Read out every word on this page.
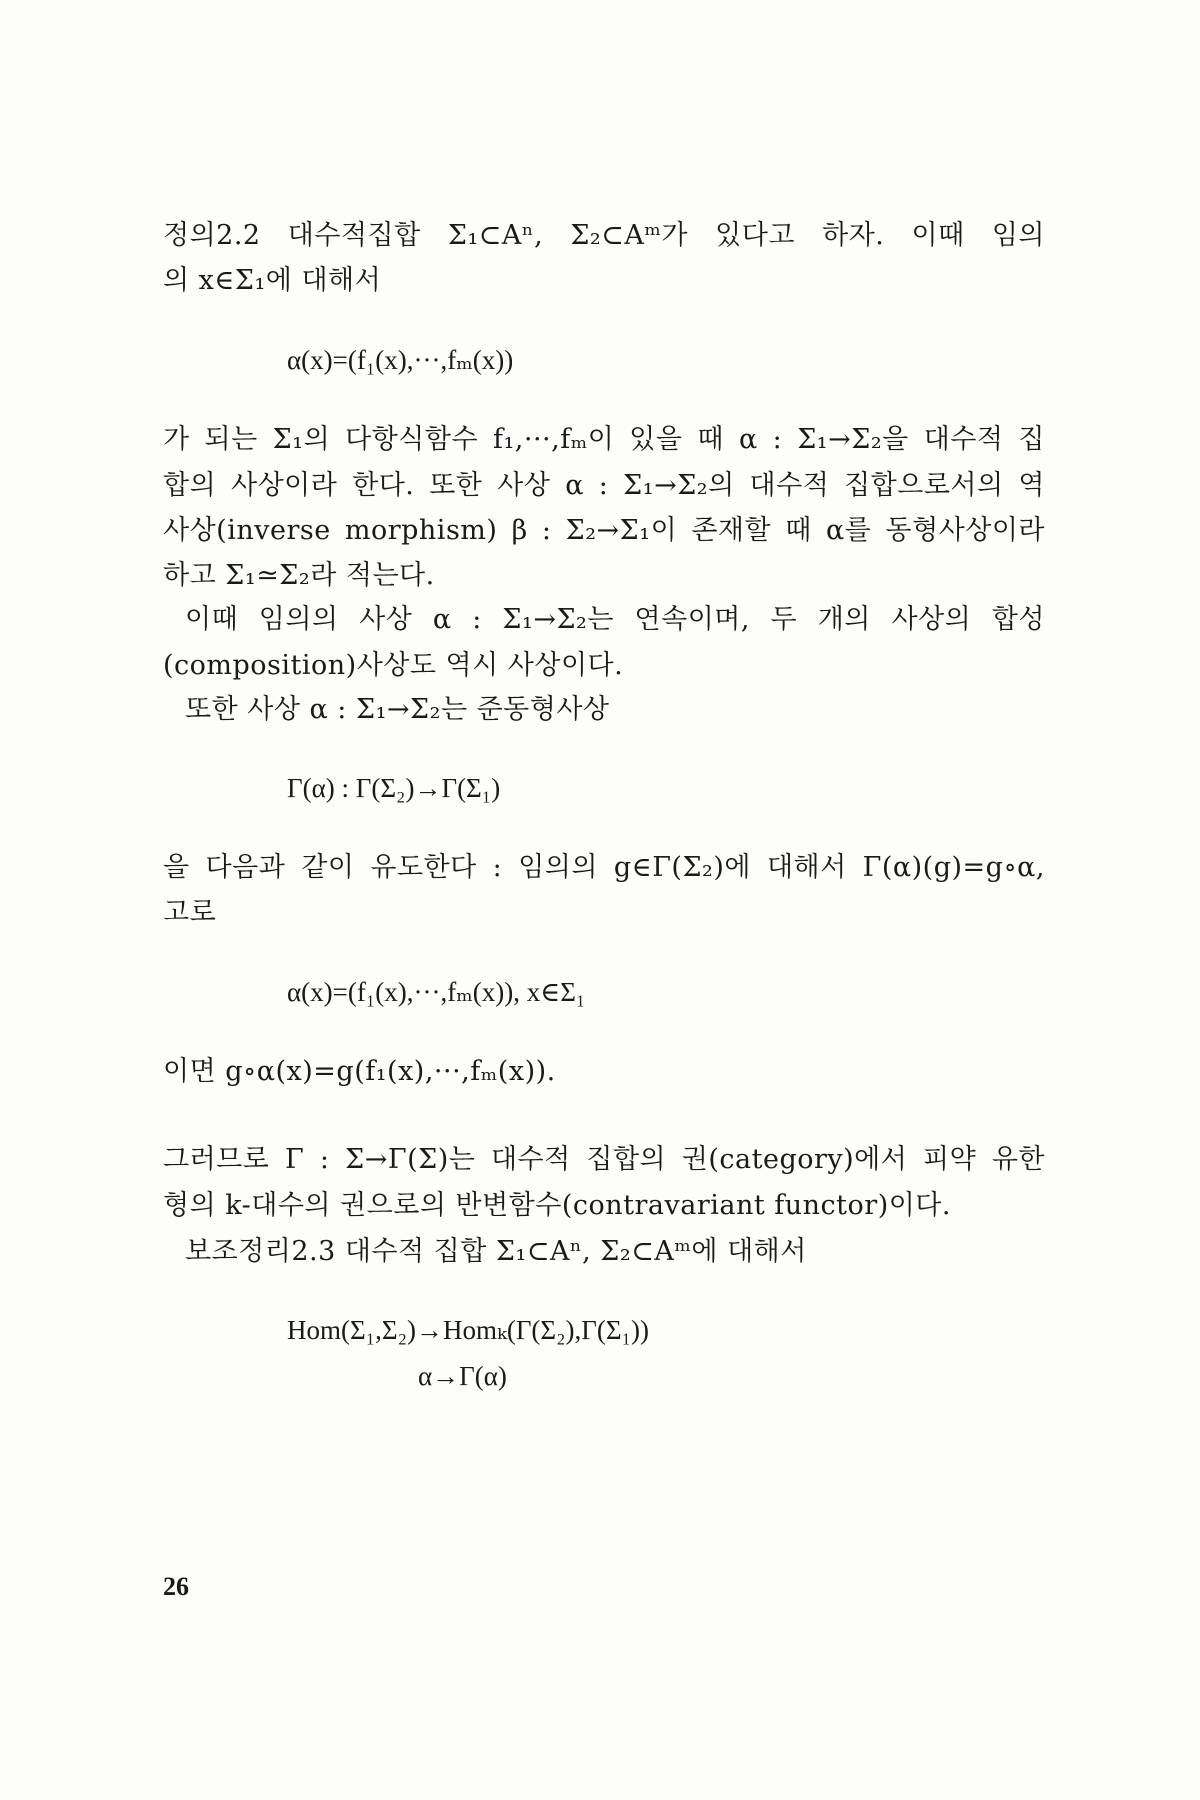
정의2.2 대수적집합 Σ₁⊂Aⁿ, Σ₂⊂Aᵐ가 있다고 하자. 이때 임의
의 x∈Σ₁에 대해서
α(x)=(f₁(x),···,fₘ(x))
가 되는 Σ₁의 다항식함수 f₁,···,fₘ이 있을 때 α : Σ₁→Σ₂을 대수적 집
합의 사상이라 한다. 또한 사상 α : Σ₁→Σ₂의 대수적 집합으로서의 역
사상(inverse morphism) β : Σ₂→Σ₁이 존재할 때 α를 동형사상이라
하고 Σ₁≃Σ₂라 적는다.
이때 임의의 사상 α : Σ₁→Σ₂는 연속이며, 두 개의 사상의 합성
(composition)사상도 역시 사상이다.
또한 사상 α : Σ₁→Σ₂는 준동형사상
Γ(α) : Γ(Σ₂)→Γ(Σ₁)
을 다음과 같이 유도한다 : 임의의 g∈Γ(Σ₂)에 대해서 Γ(α)(g)=g∘α,
고로
α(x)=(f₁(x),···,fₘ(x)), x∈Σ₁
이면 g∘α(x)=g(f₁(x),···,fₘ(x)).
그러므로 Γ : Σ→Γ(Σ)는 대수적 집합의 권(category)에서 피약 유한
형의 k-대수의 권으로의 반변함수(contravariant functor)이다.
보조정리2.3 대수적 집합 Σ₁⊂Aⁿ, Σ₂⊂Aᵐ에 대해서
Hom(Σ₁,Σ₂)→Homₖ(Γ(Σ₂),Γ(Σ₁))
α→Γ(α)
26
